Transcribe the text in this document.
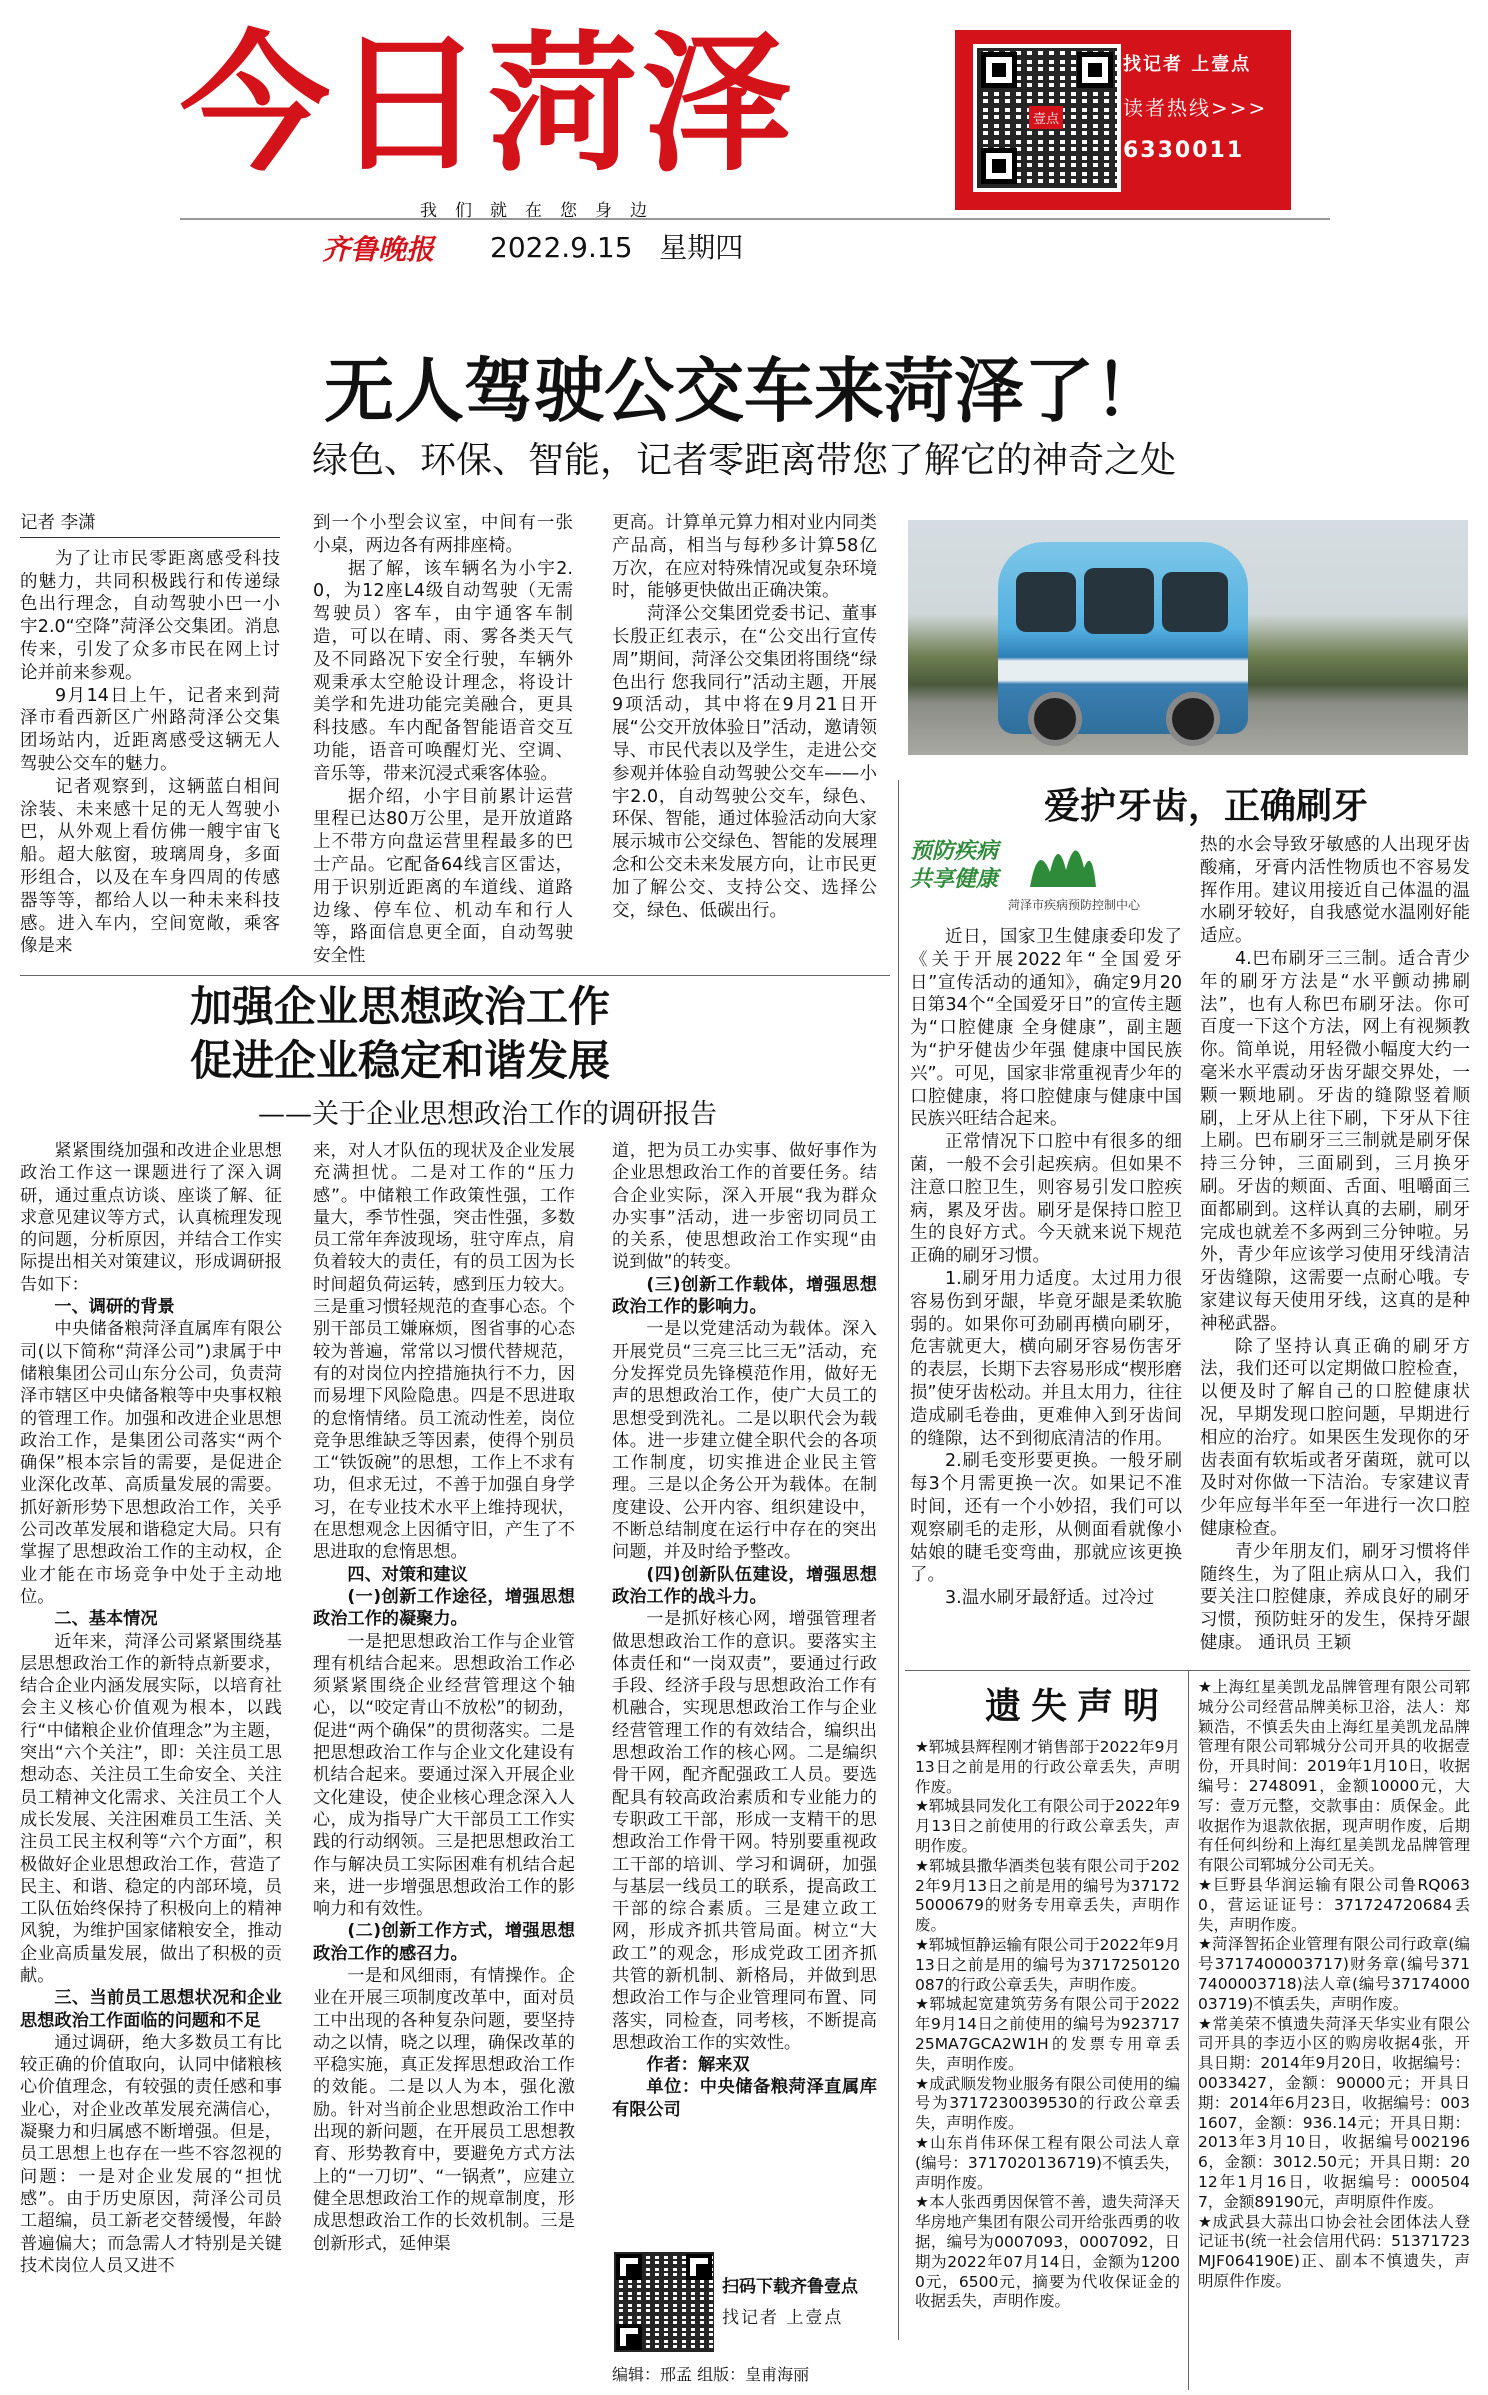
今日菏泽
我们就在您身边
齐鲁晚报 2022.9.15 星期四
壹点
找记者 上壹点
读者热线>>>
6330011
无人驾驶公交车来菏泽了！
绿色、环保、智能，记者零距离带您了解它的神奇之处
记者 李潇

为了让市民零距离感受科技的魅力，共同积极践行和传递绿色出行理念，自动驾驶小巴一小宇2.0“空降”菏泽公交集团。消息传来，引发了众多市民在网上讨论并前来参观。

9月14日上午，记者来到菏泽市看西新区广州路菏泽公交集团场站内，近距离感受这辆无人驾驶公交车的魅力。

记者观察到，这辆蓝白相间涂装、未来感十足的无人驾驶小巴，从外观上看仿佛一艘宇宙飞船。超大舷窗，玻璃周身，多面形组合，以及在车身四周的传感器等等，都给人以一种未来科技感。进入车内，空间宽敞，乘客像是来

到一个小型会议室，中间有一张小桌，两边各有两排座椅。

据了解，该车辆名为小宇2.0，为12座L4级自动驾驶（无需驾驶员）客车，由宇通客车制造，可以在晴、雨、雾各类天气及不同路况下安全行驶，车辆外观秉承太空舱设计理念，将设计美学和先进功能完美融合，更具科技感。车内配备智能语音交互功能，语音可唤醒灯光、空调、音乐等，带来沉浸式乘客体验。

据介绍，小宇目前累计运营里程已达80万公里，是开放道路上不带方向盘运营里程最多的巴士产品。它配备64线言区雷达，用于识别近距离的车道线、道路边缘、停车位、机动车和行人等，路面信息更全面，自动驾驶安全性

更高。计算单元算力相对业内同类产品高，相当与每秒多计算58亿万次，在应对特殊情况或复杂环境时，能够更快做出正确决策。

菏泽公交集团党委书记、董事长殷正红表示，在“公交出行宣传周”期间，菏泽公交集团将围绕“绿色出行 您我同行”活动主题，开展9项活动，其中将在9月21日开展“公交开放体验日”活动，邀请领导、市民代表以及学生，走进公交参观并体验自动驾驶公交车——小宇2.0，自动驾驶公交车，绿色、环保、智能，通过体验活动向大家展示城市公交绿色、智能的发展理念和公交未来发展方向，让市民更加了解公交、支持公交、选择公交，绿色、低碳出行。

加强企业思想政治工作
促进企业稳定和谐发展
——关于企业思想政治工作的调研报告

紧紧围绕加强和改进企业思想政治工作这一课题进行了深入调研，通过重点访谈、座谈了解、征求意见建议等方式，认真梳理发现的问题，分析原因，并结合工作实际提出相关对策建议，形成调研报告如下：

一、调研的背景

中央储备粮菏泽直属库有限公司(以下简称“菏泽公司”)隶属于中储粮集团公司山东分公司，负责菏泽市辖区中央储备粮等中央事权粮的管理工作。加强和改进企业思想政治工作，是集团公司落实“两个确保”根本宗旨的需要，是促进企业深化改革、高质量发展的需要。抓好新形势下思想政治工作，关乎公司改革发展和谐稳定大局。只有掌握了思想政治工作的主动权，企业才能在市场竞争中处于主动地位。

二、基本情况

近年来，菏泽公司紧紧围绕基层思想政治工作的新特点新要求，结合企业内涵发展实际，以培育社会主义核心价值观为根本，以践行“中储粮企业价值理念”为主题，突出“六个关注”，即：关注员工思想动态、关注员工生命安全、关注员工精神文化需求、关注员工个人成长发展、关注困难员工生活、关注员工民主权利等“六个方面”，积极做好企业思想政治工作，营造了民主、和谐、稳定的内部环境，员工队伍始终保持了积极向上的精神风貌，为维护国家储粮安全，推动企业高质量发展，做出了积极的贡献。

三、当前员工思想状况和企业思想政治工作面临的问题和不足

通过调研，绝大多数员工有比较正确的价值取向，认同中储粮核心价值理念，有较强的责任感和事业心，对企业改革发展充满信心，凝聚力和归属感不断增强。但是，员工思想上也存在一些不容忽视的问题：一是对企业发展的“担忧感”。由于历史原因，菏泽公司员工超编，员工新老交替缓慢，年龄普遍偏大；而急需人才特别是关键技术岗位人员又进不

来，对人才队伍的现状及企业发展充满担忧。二是对工作的“压力感”。中储粮工作政策性强，工作量大，季节性强，突击性强，多数员工常年奔波现场，驻守库点，肩负着较大的责任，有的员工因为长时间超负荷运转，感到压力较大。三是重习惯轻规范的查事心态。个别干部员工嫌麻烦，图省事的心态较为普遍，常常以习惯代替规范，有的对岗位内控措施执行不力，因而易埋下风险隐患。四是不思进取的怠惰情绪。员工流动性差，岗位竞争思维缺乏等因素，使得个别员工“铁饭碗”的思想，工作上不求有功，但求无过，不善于加强自身学习，在专业技术水平上维持现状，在思想观念上因循守旧，产生了不思进取的怠惰思想。

四、对策和建议

(一)创新工作途径，增强思想政治工作的凝聚力。

一是把思想政治工作与企业管理有机结合起来。思想政治工作必须紧紧围绕企业经营管理这个轴心，以“咬定青山不放松”的韧劲，促进“两个确保”的贯彻落实。二是把思想政治工作与企业文化建设有机结合起来。要通过深入开展企业文化建设，使企业核心理念深入人心，成为指导广大干部员工工作实践的行动纲领。三是把思想政治工作与解决员工实际困难有机结合起来，进一步增强思想政治工作的影响力和有效性。

(二)创新工作方式，增强思想政治工作的感召力。

一是和风细雨，有情操作。企业在开展三项制度改革中，面对员工中出现的各种复杂问题，要坚持动之以情，晓之以理，确保改革的平稳实施，真正发挥思想政治工作的效能。二是以人为本，强化激励。针对当前企业思想政治工作中出现的新问题，在开展员工思想教育、形势教育中，要避免方式方法上的“一刀切”、“一锅煮”，应建立健全思想政治工作的规章制度，形成思想政治工作的长效机制。三是创新形式，延伸渠

道，把为员工办实事、做好事作为企业思想政治工作的首要任务。结合企业实际，深入开展“我为群众办实事”活动，进一步密切同员工的关系，使思想政治工作实现“由说到做”的转变。

(三)创新工作载体，增强思想政治工作的影响力。

一是以党建活动为载体。深入开展党员“三亮三比三无”活动，充分发挥党员先锋模范作用，做好无声的思想政治工作，使广大员工的思想受到洗礼。二是以职代会为载体。进一步建立健全职代会的各项工作制度，切实推进企业民主管理。三是以企务公开为载体。在制度建设、公开内容、组织建设中，不断总结制度在运行中存在的突出问题，并及时给予整改。

(四)创新队伍建设，增强思想政治工作的战斗力。

一是抓好核心网，增强管理者做思想政治工作的意识。要落实主体责任和“一岗双责”，要通过行政手段、经济手段与思想政治工作有机融合，实现思想政治工作与企业经营管理工作的有效结合，编织出思想政治工作的核心网。二是编织骨干网，配齐配强政工人员。要选配具有较高政治素质和专业能力的专职政工干部，形成一支精干的思想政治工作骨干网。特别要重视政工干部的培训、学习和调研，加强与基层一线员工的联系，提高政工干部的综合素质。三是建立政工网，形成齐抓共管局面。树立“大政工”的观念，形成党政工团齐抓共管的新机制、新格局，并做到思想政治工作与企业管理同布置、同落实，同检查，同考核，不断提高思想政治工作的实效性。

作者：解来双

单位：中央储备粮菏泽直属库有限公司

扫码下载齐鲁壹点
找记者 上壹点
编辑：邢孟 组版：皇甫海丽
爱护牙齿，正确刷牙
预防疾病 共享健康
菏泽市疾病预防控制中心

近日，国家卫生健康委印发了《关于开展2022年“全国爱牙日”宣传活动的通知》，确定9月20日第34个“全国爱牙日”的宣传主题为“口腔健康 全身健康”，副主题为“护牙健齿少年强 健康中国民族兴”。可见，国家非常重视青少年的口腔健康，将口腔健康与健康中国民族兴旺结合起来。

正常情况下口腔中有很多的细菌，一般不会引起疾病。但如果不注意口腔卫生，则容易引发口腔疾病，累及牙齿。刷牙是保持口腔卫生的良好方式。今天就来说下规范正确的刷牙习惯。

1.刷牙用力适度。太过用力很容易伤到牙龈，毕竟牙龈是柔软脆弱的。如果你可劲刷再横向刷牙，危害就更大，横向刷牙容易伤害牙的表层，长期下去容易形成“楔形磨损”使牙齿松动。并且太用力，往往造成刷毛卷曲，更难伸入到牙齿间的缝隙，达不到彻底清洁的作用。

2.刷毛变形要更换。一般牙刷每3个月需更换一次。如果记不准时间，还有一个小妙招，我们可以观察刷毛的走形，从侧面看就像小姑娘的睫毛变弯曲，那就应该更换了。

3.温水刷牙最舒适。过冷过

热的水会导致牙敏感的人出现牙齿酸痛，牙膏内活性物质也不容易发挥作用。建议用接近自己体温的温水刷牙较好，自我感觉水温刚好能适应。

4.巴布刷牙三三制。适合青少年的刷牙方法是“水平颤动拂刷法”，也有人称巴布刷牙法。你可百度一下这个方法，网上有视频教你。简单说，用轻微小幅度大约一毫米水平震动牙齿牙龈交界处，一颗一颗地刷。牙齿的缝隙竖着顺刷，上牙从上往下刷，下牙从下往上刷。巴布刷牙三三制就是刷牙保持三分钟，三面刷到，三月换牙刷。牙齿的颊面、舌面、咀嚼面三面都刷到。这样认真的去刷，刷牙完成也就差不多两到三分钟啦。另外，青少年应该学习使用牙线清洁牙齿缝隙，这需要一点耐心哦。专家建议每天使用牙线，这真的是种神秘武器。

除了坚持认真正确的刷牙方法，我们还可以定期做口腔检查，以便及时了解自己的口腔健康状况，早期发现口腔问题，早期进行相应的治疗。如果医生发现你的牙齿表面有软垢或者牙菌斑，就可以及时对你做一下洁治。专家建议青少年应每半年至一年进行一次口腔健康检查。

青少年朋友们，刷牙习惯将伴随终生，为了阻止病从口入，我们要关注口腔健康，养成良好的刷牙习惯，预防蛀牙的发生，保持牙龈健康。 通讯员 王颖

遗失声明

★郓城县辉程刚才销售部于2022年9月13日之前是用的行政公章丢失，声明作废。

★郓城县同发化工有限公司于2022年9月13日之前使用的行政公章丢失，声明作废。

★郓城县撒华酒类包装有限公司于2022年9月13日之前是用的编号为371725000679的财务专用章丢失，声明作废。

★郓城恒静运输有限公司于2022年9月13日之前是用的编号为3717250120087的行政公章丢失，声明作废。

★郓城起宽建筑劳务有限公司于2022年9月14日之前使用的编号为92371725MA7GCA2W1H的发票专用章丢失，声明作废。

★成武顺发物业服务有限公司使用的编号为3717230039530的行政公章丢失，声明作废。

★山东肖伟环保工程有限公司法人章(编号：3717020136719)不慎丢失，声明作废。

★本人张西勇因保管不善，遗失菏泽天华房地产集团有限公司开给张西勇的收据，编号为0007093，0007092，日期为2022年07月14日，金额为12000元，6500元，摘要为代收保证金的收据丢失，声明作废。

★上海红星美凯龙品牌管理有限公司郓城分公司经营品牌美标卫浴，法人：郑颖浩，不慎丢失由上海红星美凯龙品牌管理有限公司郓城分公司开具的收据壹份，开具时间：2019年1月10日，收据编号：2748091，金额10000元，大写：壹万元整，交款事由：质保金。此收据作为退款依据，现声明作废，后期有任何纠纷和上海红星美凯龙品牌管理有限公司郓城分公司无关。

★巨野县华润运输有限公司鲁RQ0630，营运证证号：371724720684丢失，声明作废。

★菏泽智拓企业管理有限公司行政章(编号3717400003717)财务章(编号3717400003718)法人章(编号3717400003719)不慎丢失，声明作废。

★常美荣不慎遗失菏泽天华实业有限公司开具的李迈小区的购房收据4张，开具日期：2014年9月20日，收据编号：0033427，金额：90000元；开具日期：2014年6月23日，收据编号：0031607，金额：936.14元；开具日期：2013年3月10日，收据编号0021966，金额：3012.50元；开具日期：2012年1月16日，收据编号：0005047，金额89190元，声明原件作废。

★成武县大蒜出口协会社会团体法人登记证书(统一社会信用代码：51371723MJF064190E)正、副本不慎遗失，声明原件作废。
